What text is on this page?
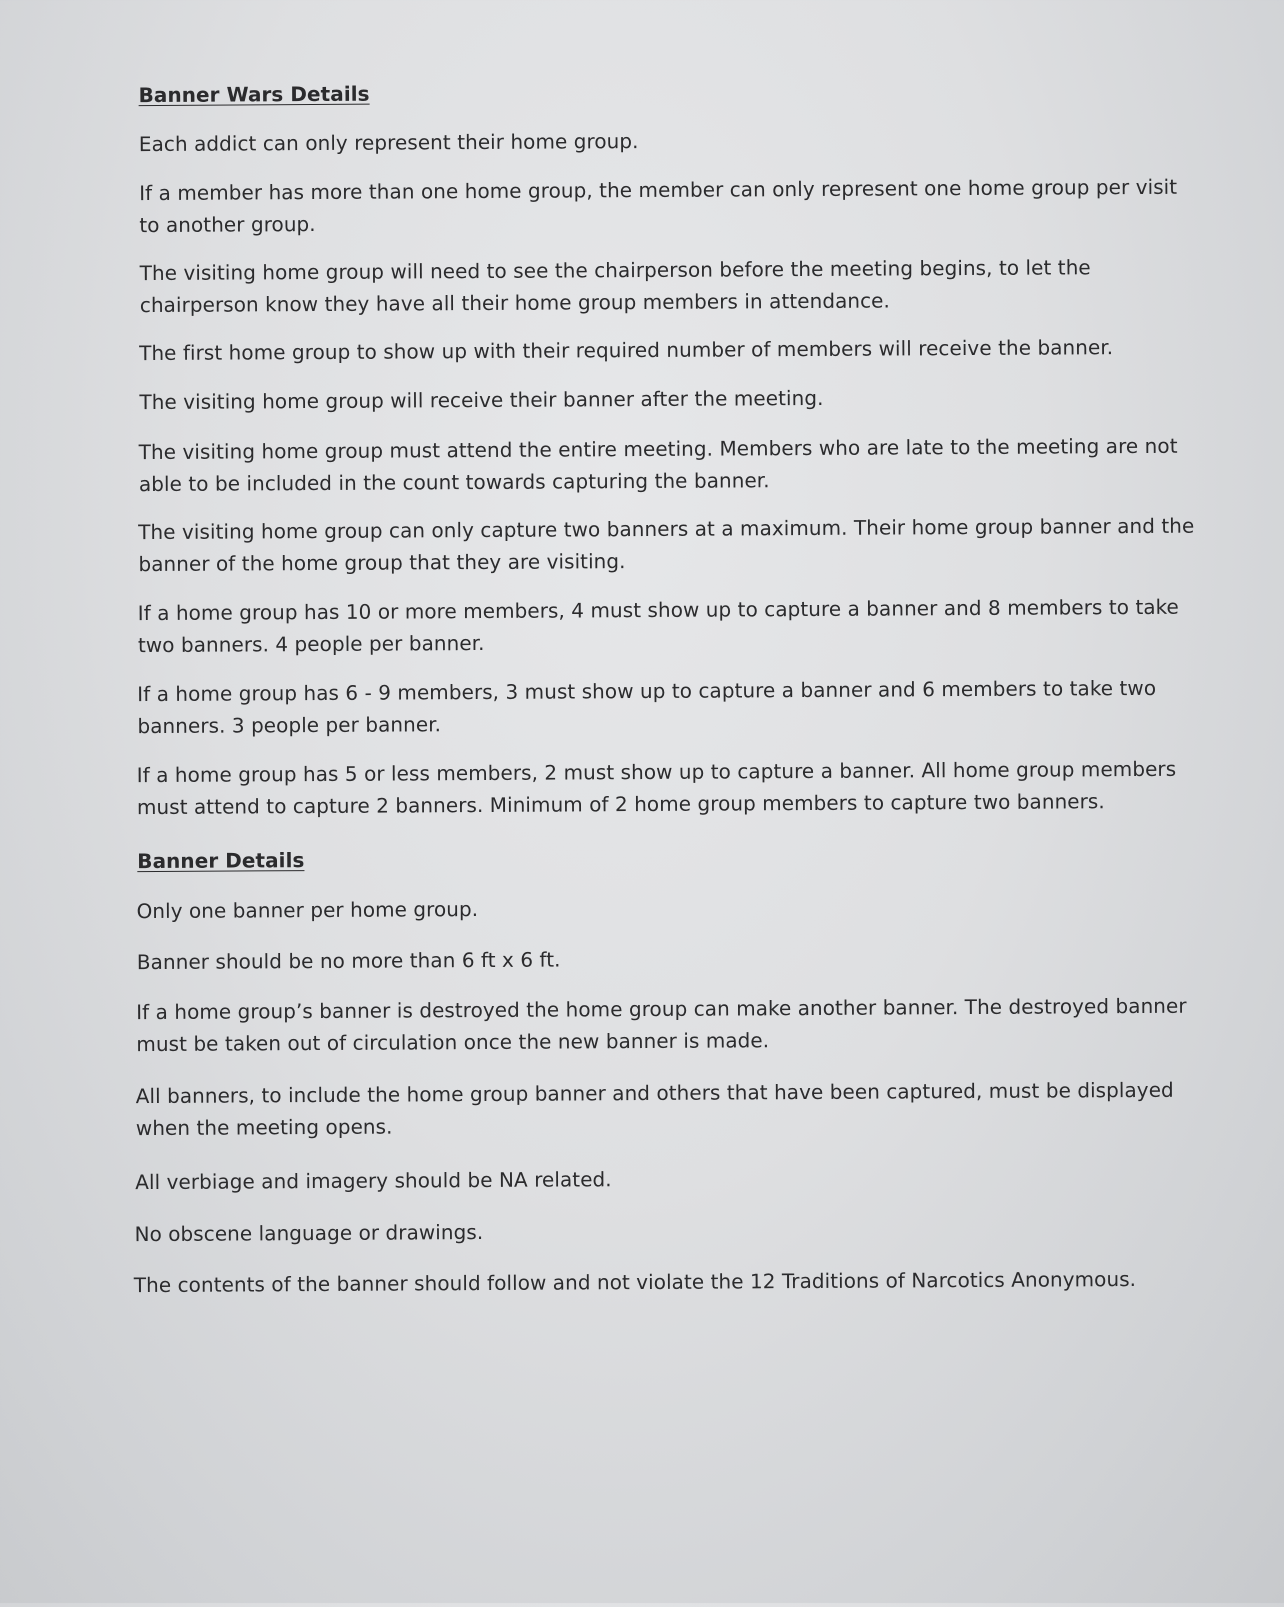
Banner Wars Details
Each addict can only represent their home group.
If a member has more than one home group, the member can only represent one home group per visit
to another group.
The visiting home group will need to see the chairperson before the meeting begins, to let the
chairperson know they have all their home group members in attendance.
The first home group to show up with their required number of members will receive the banner.
The visiting home group will receive their banner after the meeting.
The visiting home group must attend the entire meeting. Members who are late to the meeting are not
able to be included in the count towards capturing the banner.
The visiting home group can only capture two banners at a maximum. Their home group banner and the
banner of the home group that they are visiting.
If a home group has 10 or more members, 4 must show up to capture a banner and 8 members to take
two banners. 4 people per banner.
If a home group has 6 - 9 members, 3 must show up to capture a banner and 6 members to take two
banners. 3 people per banner.
If a home group has 5 or less members, 2 must show up to capture a banner. All home group members
must attend to capture 2 banners. Minimum of 2 home group members to capture two banners.
Banner Details
Only one banner per home group.
Banner should be no more than 6 ft x 6 ft.
If a home group’s banner is destroyed the home group can make another banner. The destroyed banner
must be taken out of circulation once the new banner is made.
All banners, to include the home group banner and others that have been captured, must be displayed
when the meeting opens.
All verbiage and imagery should be NA related.
No obscene language or drawings.
The contents of the banner should follow and not violate the 12 Traditions of Narcotics Anonymous.
